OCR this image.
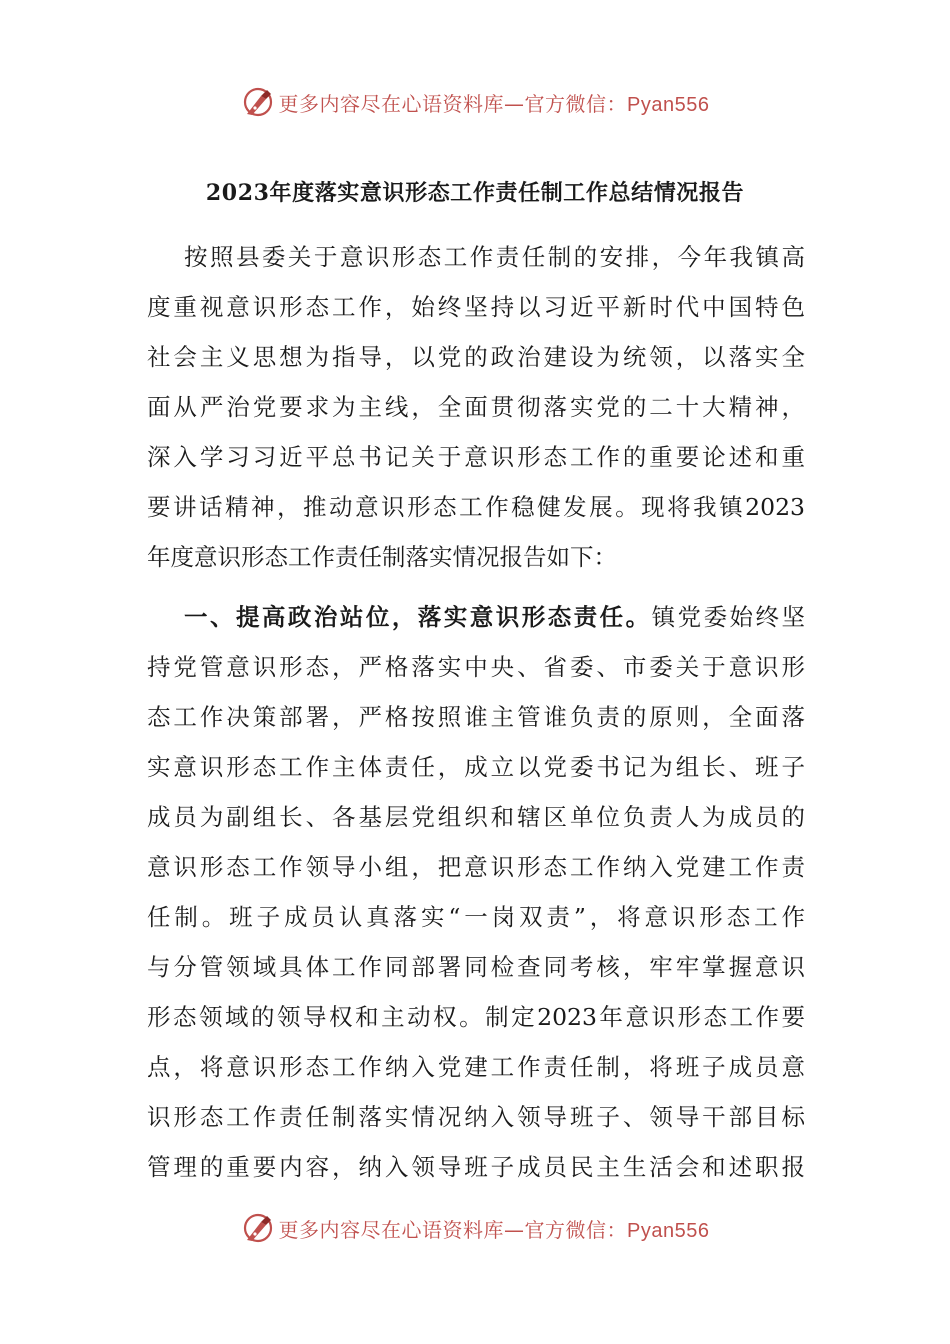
更多内容尽在心语资料库—官方微信：Pyan556
2023年度落实意识形态工作责任制工作总结情况报告
按照县委关于意识形态工作责任制的安排，今年我镇高
度重视意识形态工作，始终坚持以习近平新时代中国特色
社会主义思想为指导，以党的政治建设为统领，以落实全
面从严治党要求为主线，全面贯彻落实党的二十大精神，
深入学习习近平总书记关于意识形态工作的重要论述和重
要讲话精神，推动意识形态工作稳健发展。现将我镇2023
年度意识形态工作责任制落实情况报告如下：
一、提高政治站位，落实意识形态责任。镇党委始终坚
持党管意识形态，严格落实中央、省委、市委关于意识形
态工作决策部署，严格按照谁主管谁负责的原则，全面落
实意识形态工作主体责任，成立以党委书记为组长、班子
成员为副组长、各基层党组织和辖区单位负责人为成员的
意识形态工作领导小组，把意识形态工作纳入党建工作责
任制。班子成员认真落实“一岗双责”，将意识形态工作
与分管领域具体工作同部署同检查同考核，牢牢掌握意识
形态领域的领导权和主动权。制定2023年意识形态工作要
点，将意识形态工作纳入党建工作责任制，将班子成员意
识形态工作责任制落实情况纳入领导班子、领导干部目标
管理的重要内容，纳入领导班子成员民主生活会和述职报
更多内容尽在心语资料库—官方微信：Pyan556
